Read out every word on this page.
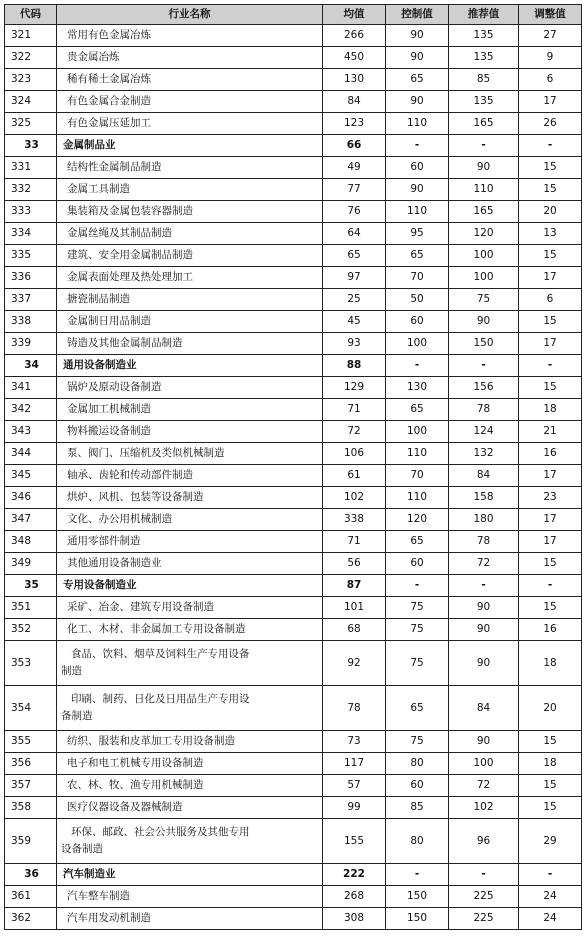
代码	行业名称	均值	控制值	推荐值	调整值
321	常用有色金属冶炼	266	90	135	27
322	贵金属冶炼	450	90	135	9
323	稀有稀土金属冶炼	130	65	85	6
324	有色金属合金制造	84	90	135	17
325	有色金属压延加工	123	110	165	26
33	金属制品业	66	-	-	-
331	结构性金属制品制造	49	60	90	15
332	金属工具制造	77	90	110	15
333	集装箱及金属包装容器制造	76	110	165	20
334	金属丝绳及其制品制造	64	95	120	13
335	建筑、安全用金属制品制造	65	65	100	15
336	金属表面处理及热处理加工	97	70	100	17
337	搪瓷制品制造	25	50	75	6
338	金属制日用品制造	45	60	90	15
339	铸造及其他金属制品制造	93	100	150	17
34	通用设备制造业	88	-	-	-
341	锅炉及原动设备制造	129	130	156	15
342	金属加工机械制造	71	65	78	18
343	物料搬运设备制造	72	100	124	21
344	泵、阀门、压缩机及类似机械制造	106	110	132	16
345	轴承、齿轮和传动部件制造	61	70	84	17
346	烘炉、风机、包装等设备制造	102	110	158	23
347	文化、办公用机械制造	338	120	180	17
348	通用零部件制造	71	65	78	17
349	其他通用设备制造业	56	60	72	15
35	专用设备制造业	87	-	-	-
351	采矿、冶金、建筑专用设备制造	101	75	90	15
352	化工、木材、非金属加工专用设备制造	68	75	90	16
353	食品、饮料、烟草及饲料生产专用设备
制造	92	75	90	18
354	印刷、制药、日化及日用品生产专用设
备制造	78	65	84	20
355	纺织、服装和皮革加工专用设备制造	73	75	90	15
356	电子和电工机械专用设备制造	117	80	100	18
357	农、林、牧、渔专用机械制造	57	60	72	15
358	医疗仪器设备及器械制造	99	85	102	15
359	环保、邮政、社会公共服务及其他专用
设备制造	155	80	96	29
36	汽车制造业	222	-	-	-
361	汽车整车制造	268	150	225	24
362	汽车用发动机制造	308	150	225	24
